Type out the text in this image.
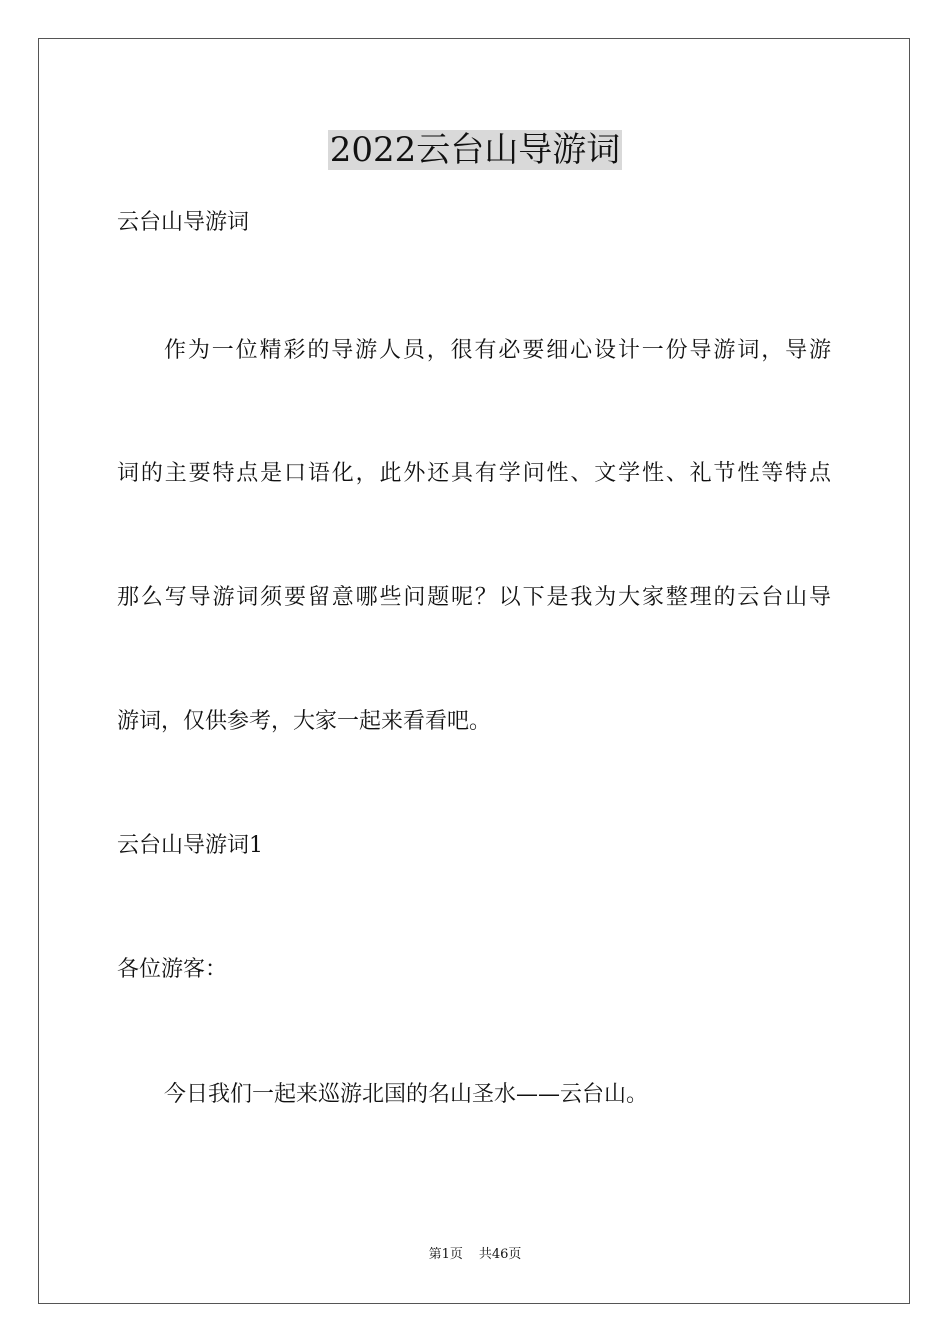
2022云台山导游词
云台山导游词
作为一位精彩的导游人员，很有必要细心设计一份导游词，导游
词的主要特点是口语化，此外还具有学问性、文学性、礼节性等特点
那么写导游词须要留意哪些问题呢？以下是我为大家整理的云台山导
游词，仅供参考，大家一起来看看吧。
云台山导游词1
各位游客：
今日我们一起来巡游北国的名山圣水——云台山。
第1页 共46页
